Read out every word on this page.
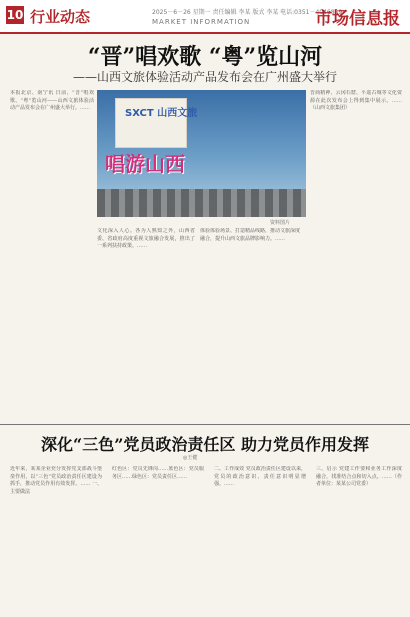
10 行业动态	2025－6－26 星期一 责任编辑 李某 版式 李某 电话:0351－4046889
MARKET INFORMATION	市场信息报
“晋”唱欢歌 “粤”览山河
——山西文旅体验活动产品发布会在广州盛大举行
本报北京、南宁讯 日前，“晋”唱欢歌、“粤”览山河——山西文旅体验活动产品发布会在广州盛大举行。……	SXCT 山西文旅
唱游山西
资料图片
文化深入人心。各为人熟知之外，山西省委、省政府高度重视文旅融合发展，推出了一系列扶持政策。……
体验体验场景、打造精品线路，推动文旅深度融合，提升山西文旅品牌影响力。……
晋商精神、云冈石窟、平遥古城等文化资源在此次发布会上得到集中展示。……（山西文旅集团）
深化“三色”党员政治责任区 助力党员作用发挥
◎王健
近年来，某某企业充分发挥党支部战斗堡垒作用，以“三色”党员政治责任区建设为抓手，推动党员作用有效发挥。…… 一、主要做法
红色区：党员先锋岗……蓝色区：党员服务区……绿色区：党员责任区……
二、工作成效 党员政治责任区建设以来，党员的政治意识、责任意识明显增强。……
三、启示 党建工作要和业务工作深度融合，找准结合点和切入点。……（作者单位：某某公司党委）
